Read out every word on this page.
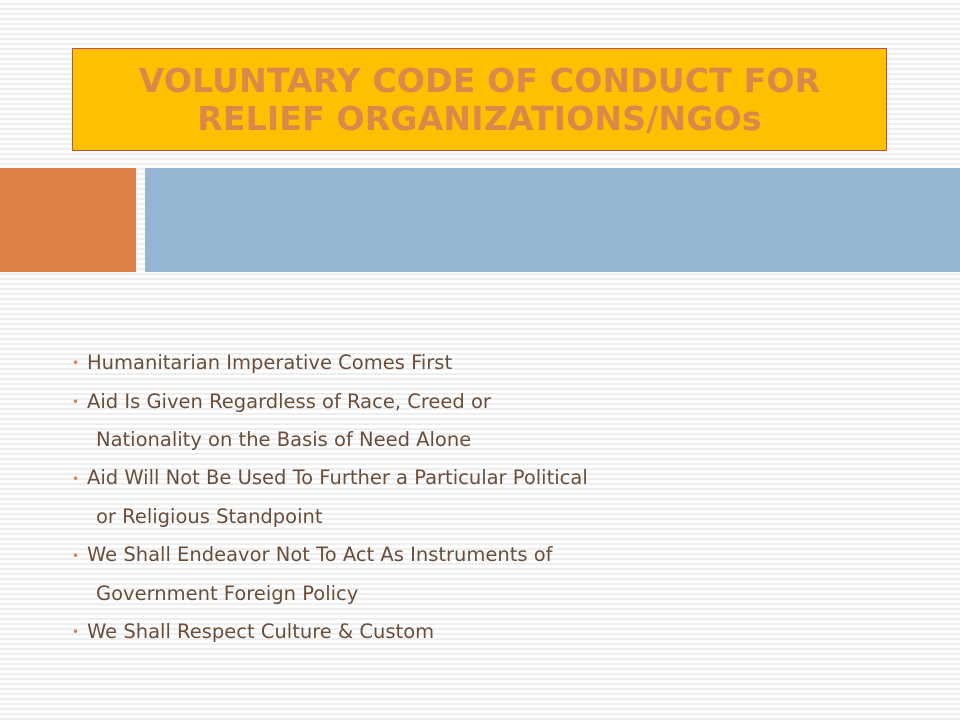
VOLUNTARY CODE OF CONDUCT FOR
RELIEF ORGANIZATIONS/NGOs
• Humanitarian Imperative Comes First
• Aid Is Given Regardless of Race, Creed or
Nationality on the Basis of Need Alone
• Aid Will Not Be Used To Further a Particular Political
or Religious Standpoint
• We Shall Endeavor Not To Act As Instruments of
Government Foreign Policy
• We Shall Respect Culture & Custom
